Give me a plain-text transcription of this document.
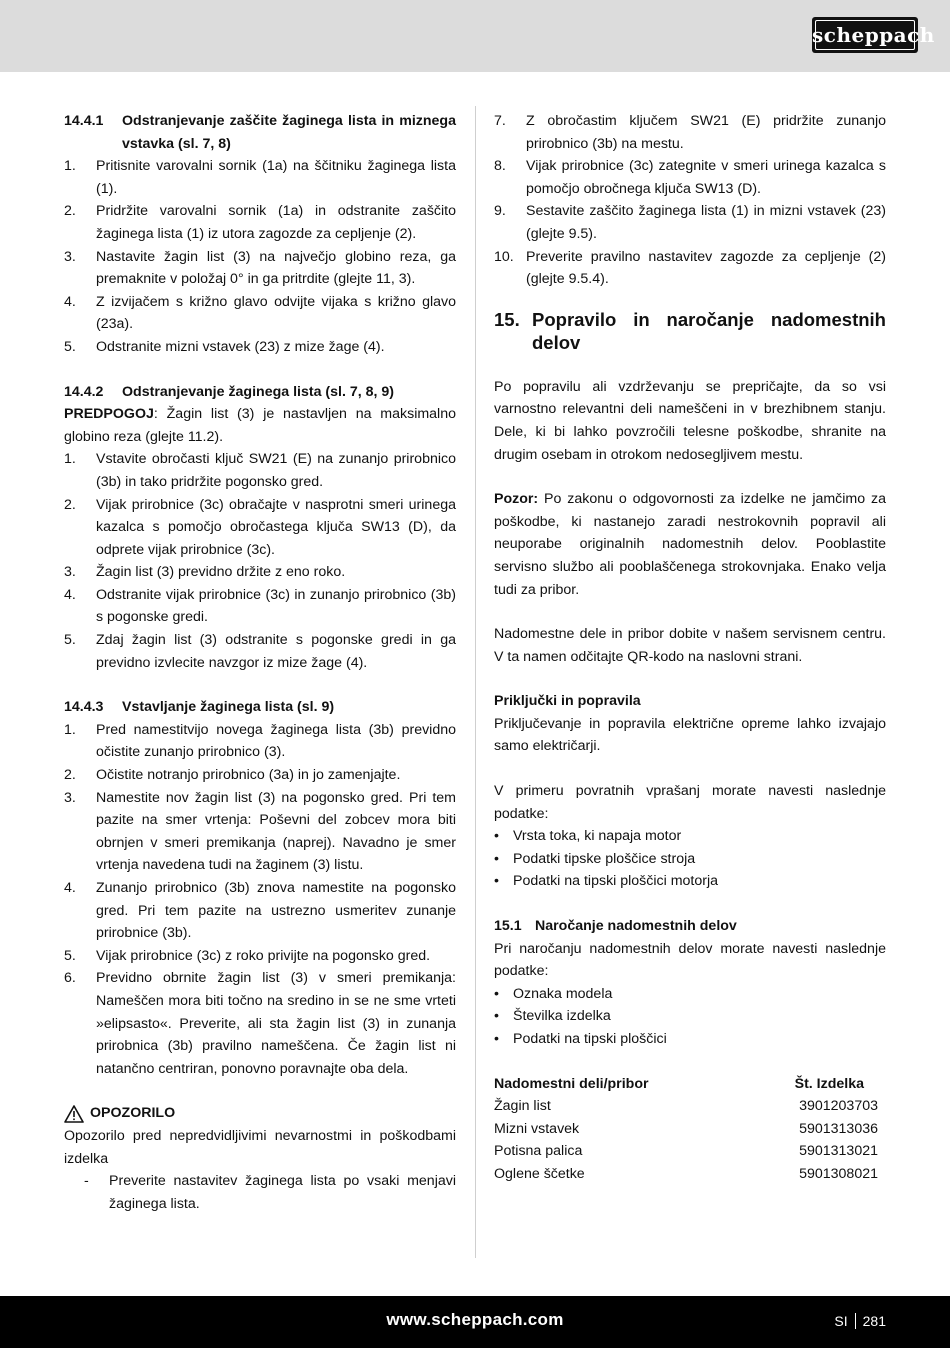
scheppach
14.4.1	Odstranjevanje zaščite žaginega lista in miznega vstavka (sl. 7, 8)
1.	Pritisnite varovalni sornik (1a) na ščitniku žaginega lista (1).
2.	Pridržite varovalni sornik (1a) in odstranite zaščito žaginega lista (1) iz utora zagozde za cepljenje (2).
3.	Nastavite žagin list (3) na največjo globino reza, ga premaknite v položaj 0° in ga pritrdite (glejte 11, 3).
4.	Z izvijačem s križno glavo odvijte vijaka s križno glavo (23a).
5.	Odstranite mizni vstavek (23) z mize žage (4).
14.4.2	Odstranjevanje žaginega lista (sl. 7, 8, 9)

PREDPOGOJ: Žagin list (3) je nastavljen na maksimalno globino reza (glejte 11.2).

1.	Vstavite obročasti ključ SW21 (E) na zunanjo prirobnico (3b) in tako pridržite pogonsko gred.
2.	Vijak prirobnice (3c) obračajte v nasprotni smeri urinega kazalca s pomočjo obročastega ključa SW13 (D), da odprete vijak prirobnice (3c).
3.	Žagin list (3) previdno držite z eno roko.
4.	Odstranite vijak prirobnice (3c) in zunanjo prirobnico (3b) s pogonske gredi.
5.	Zdaj žagin list (3) odstranite s pogonske gredi in ga previdno izvlecite navzgor iz mize žage (4).
14.4.3	Vstavljanje žaginega lista (sl. 9)
1.	Pred namestitvijo novega žaginega lista (3b) previdno očistite zunanjo prirobnico (3).
2.	Očistite notranjo prirobnico (3a) in jo zamenjajte.
3.	Namestite nov žagin list (3) na pogonsko gred. Pri tem pazite na smer vrtenja: Poševni del zobcev mora biti obrnjen v smeri premikanja (naprej). Navadno je smer vrtenja navedena tudi na žaginem (3) listu.
4.	Zunanjo prirobnico (3b) znova namestite na pogonsko gred. Pri tem pazite na ustrezno usmeritev zunanje prirobnice (3b).
5.	Vijak prirobnice (3c) z roko privijte na pogonsko gred.
6.	Previdno obrnite žagin list (3) v smeri premikanja: Nameščen mora biti točno na sredino in se ne sme vrteti »elipsasto«. Preverite, ali sta žagin list (3) in zunanja prirobnica (3b) pravilno nameščena. Če žagin list ni natančno centriran, ponovno poravnajte oba dela.
OPOZORILO

Opozorilo pred nepredvidljivimi nevarnostmi in poškodbami izdelka

-	Preverite nastavitev žaginega lista po vsaki menjavi žaginega lista.
7.	Z obročastim ključem SW21 (E) pridržite zunanjo prirobnico (3b) na mestu.
8.	Vijak prirobnice (3c) zategnite v smeri urinega kazalca s pomočjo obročnega ključa SW13 (D).
9.	Sestavite zaščito žaginega lista (1) in mizni vstavek (23) (glejte 9.5).
10. Preverite pravilno nastavitev zagozde za cepljenje (2) (glejte 9.5.4).
15. Popravilo in naročanje nadomestnih delov

Po popravilu ali vzdrževanju se prepričajte, da so vsi varnostno relevantni deli nameščeni in v brezhibnem stanju. Dele, ki bi lahko povzročili telesne poškodbe, shranite na drugim osebam in otrokom nedosegljivem mestu.

Pozor: Po zakonu o odgovornosti za izdelke ne jamčimo za poškodbe, ki nastanejo zaradi nestrokovnih popravil ali neuporabe originalnih nadomestnih delov. Pooblastite servisno službo ali pooblaščenega strokovnjaka. Enako velja tudi za pribor.

Nadomestne dele in pribor dobite v našem servisnem centru. V ta namen odčitajte QR-kodo na naslovni strani.

Priključki in popravila

Priključevanje in popravila električne opreme lahko izvajajo samo električarji.

V primeru povratnih vprašanj morate navesti naslednje podatke:

• Vrsta toka, ki napaja motor
• Podatki tipske ploščice stroja
• Podatki na tipski ploščici motorja
15.1 Naročanje nadomestnih delov

Pri naročanju nadomestnih delov morate navesti naslednje podatke:

• Oznaka modela
• Številka izdelka
• Podatki na tipski ploščici
Nadomestni deli/pribor	Št. Izdelka
Žagin list	3901203703
Mizni vstavek	5901313036
Potisna palica	5901313021
Oglene ščetke	5901308021
www.scheppach.com	SI 281
